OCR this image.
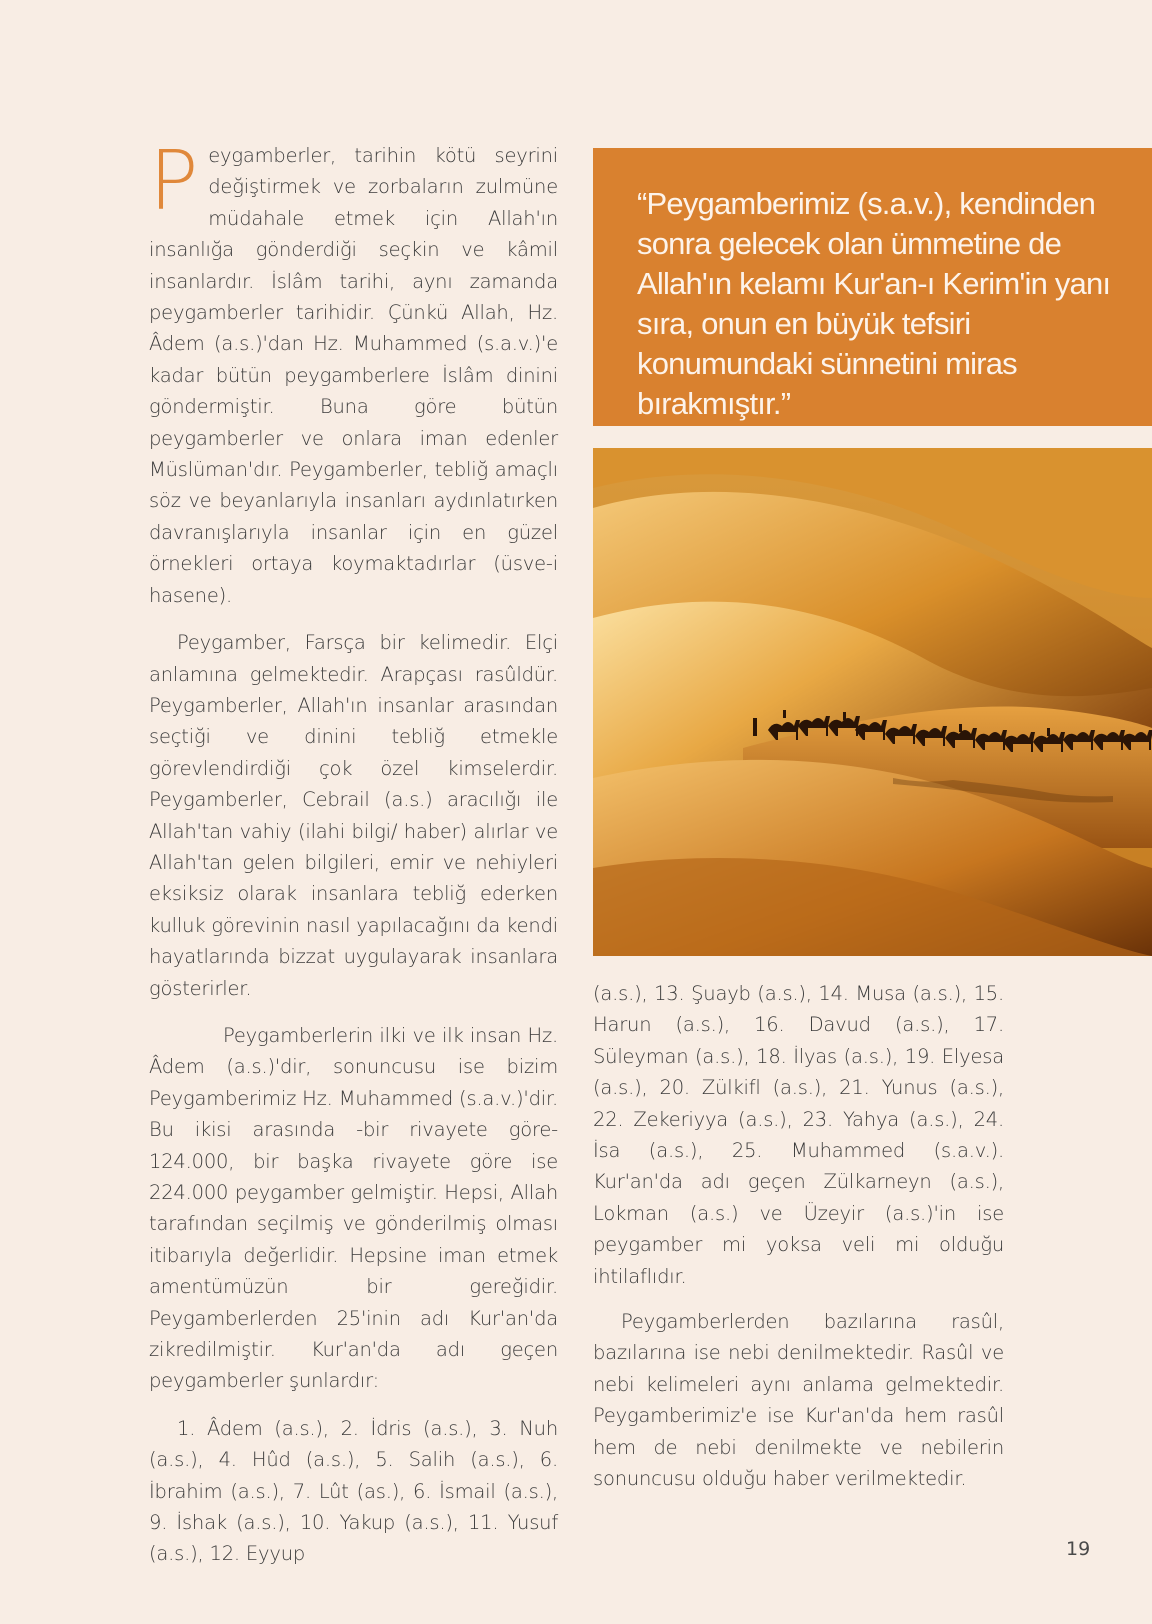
Peygamberler, tarihin kötü seyrini değiştirmek ve zorbaların zulmüne müdahale etmek için Allah'ın insanlığa gönderdiği seçkin ve kâmil insanlardır. İslâm tarihi, aynı zamanda peygamberler tarihidir. Çünkü Allah, Hz. Âdem (a.s.)'dan Hz. Muhammed (s.a.v.)'e kadar bütün peygamberlere İslâm dinini göndermiştir. Buna göre bütün peygamberler ve onlara iman edenler Müslüman'dır. Peygamberler, tebliğ amaçlı söz ve beyanlarıyla insanları aydınlatırken davranışlarıyla insanlar için en güzel örnekleri ortaya koymaktadırlar (üsve-i hasene).

Peygamber, Farsça bir kelimedir. Elçi anlamına gelmektedir. Arapçası rasûldür. Peygamberler, Allah'ın insanlar arasından seçtiği ve dinini tebliğ etmekle görevlendirdiği çok özel kimselerdir. Peygamberler, Cebrail (a.s.) aracılığı ile Allah'tan vahiy (ilahi bilgi/ haber) alırlar ve Allah'tan gelen bilgileri, emir ve nehiyleri eksiksiz olarak insanlara tebliğ ederken kulluk görevinin nasıl yapılacağını da kendi hayatlarında bizzat uygulayarak insanlara gösterirler.

Peygamberlerin ilki ve ilk insan Hz. Âdem (a.s.)'dir, sonuncusu ise bizim Peygamberimiz Hz. Muhammed (s.a.v.)'dir. Bu ikisi arasında -bir rivayete göre- 124.000, bir başka rivayete göre ise 224.000 peygamber gelmiştir. Hepsi, Allah tarafından seçilmiş ve gönderilmiş olması itibarıyla değerlidir. Hepsine iman etmek amentümüzün bir gereğidir. Peygamberlerden 25'inin adı Kur'an'da zikredilmiştir. Kur'an'da adı geçen peygamberler şunlardır:

1. Âdem (a.s.), 2. İdris (a.s.), 3. Nuh (a.s.), 4. Hûd (a.s.), 5. Salih (a.s.), 6. İbrahim (a.s.), 7. Lût (as.), 6. İsmail (a.s.), 9. İshak (a.s.), 10. Yakup (a.s.), 11. Yusuf (a.s.), 12. Eyyup

“Peygamberimiz (s.a.v.), kendinden sonra gelecek olan ümmetine de Allah'ın kelamı Kur'an-ı Kerim'in yanı sıra, onun en büyük tefsiri konumundaki sünnetini miras bırakmıştır.”

(a.s.), 13. Şuayb (a.s.), 14. Musa (a.s.), 15. Harun (a.s.), 16. Davud (a.s.), 17. Süleyman (a.s.), 18. İlyas (a.s.), 19. Elyesa (a.s.), 20. Zülkifl (a.s.), 21. Yunus (a.s.), 22. Zekeriyya (a.s.), 23. Yahya (a.s.), 24. İsa (a.s.), 25. Muhammed (s.a.v.). Kur'an'da adı geçen Zülkarneyn (a.s.), Lokman (a.s.) ve Üzeyir (a.s.)'in ise peygamber mi yoksa veli mi olduğu ihtilaflıdır.

Peygamberlerden bazılarına rasûl, bazılarına ise nebi denilmektedir. Rasûl ve nebi kelimeleri aynı anlama gelmektedir. Peygamberimiz'e ise Kur'an'da hem rasûl hem de nebi denilmekte ve nebilerin sonuncusu olduğu haber verilmektedir.

19
